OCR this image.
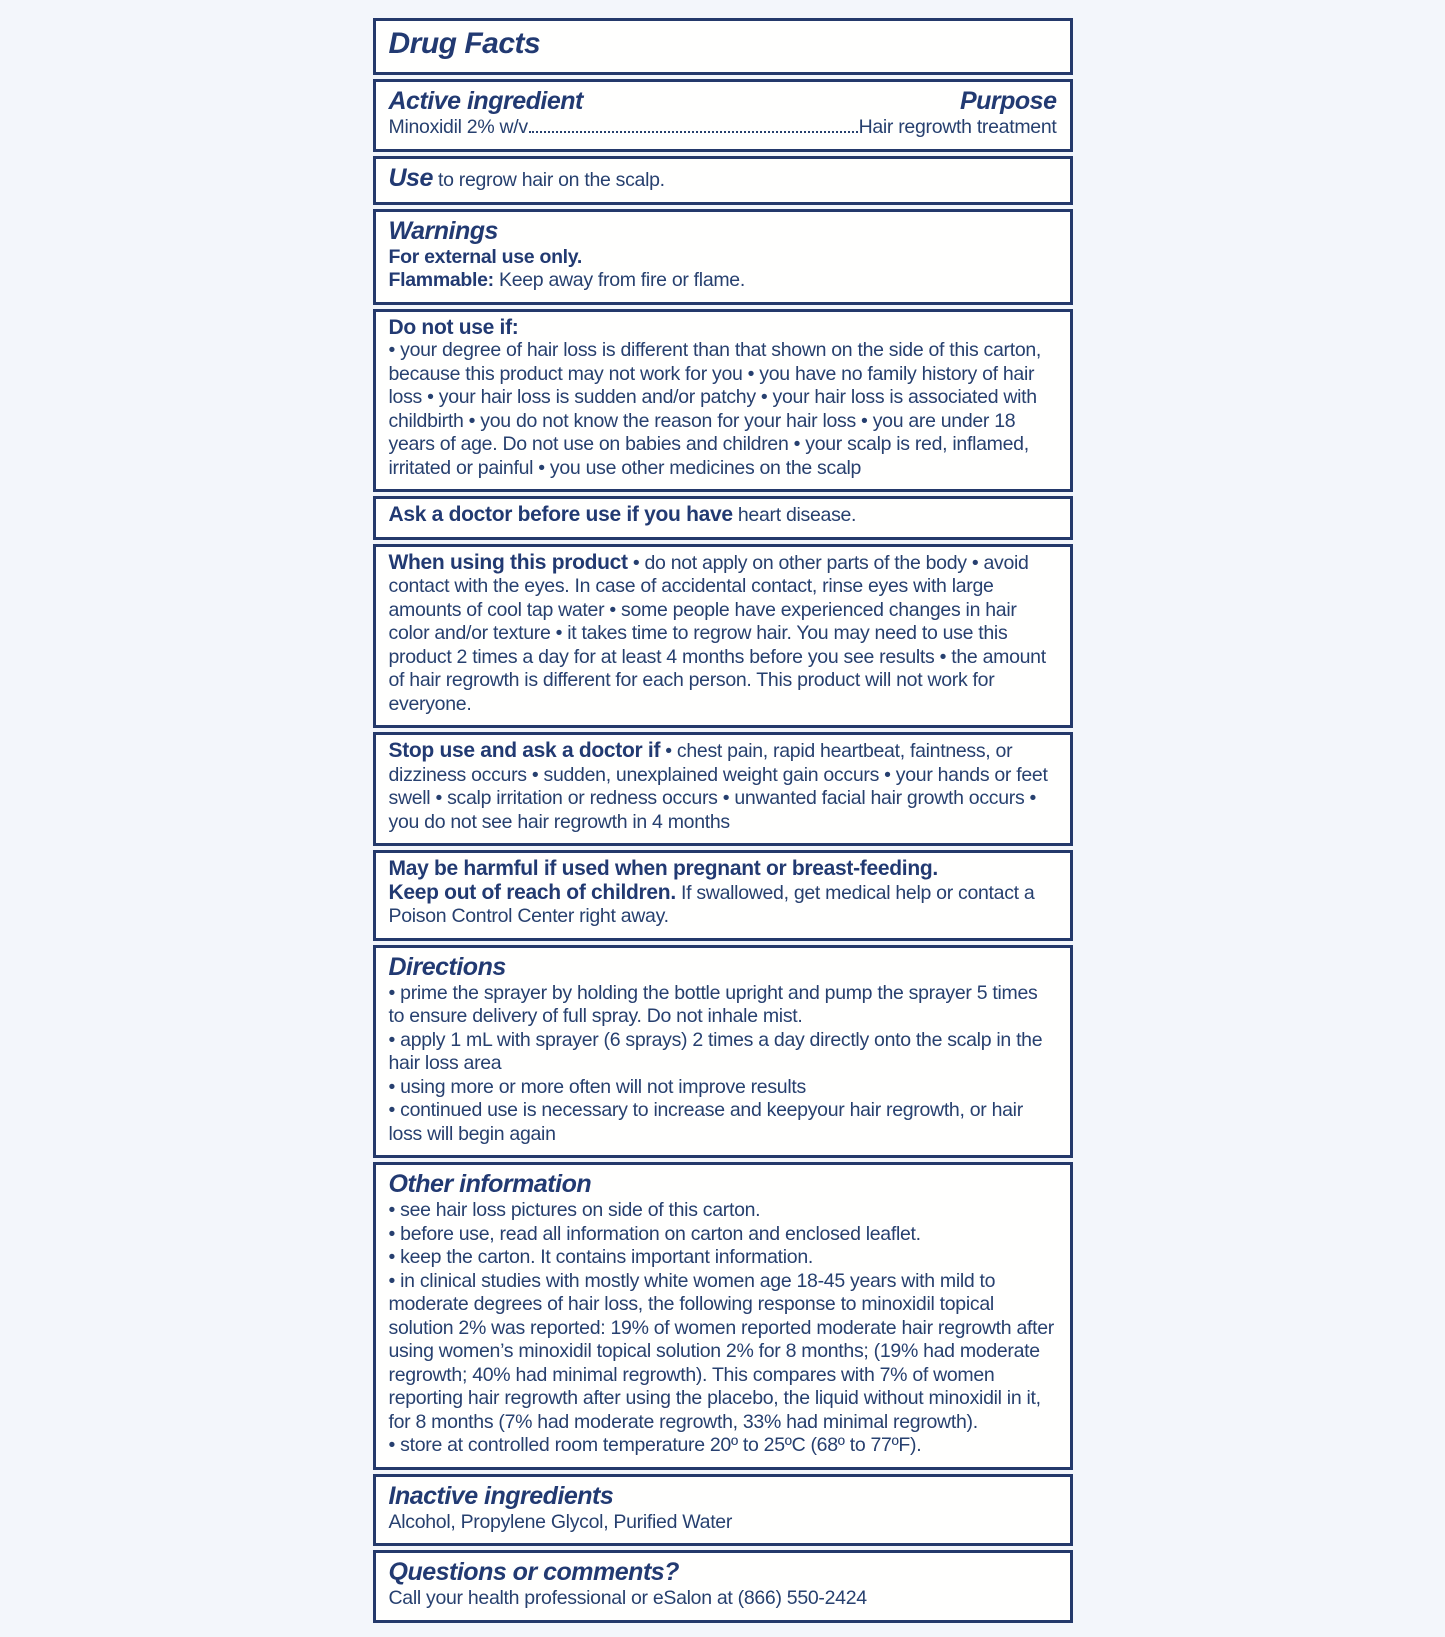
Drug Facts
Active ingredient	Purpose
Minoxidil 2% w/v	Hair regrowth treatment

Use to regrow hair on the scalp.

Warnings

For external use only.

Flammable: Keep away from fire or flame.

Do not use if:

• your degree of hair loss is different than that shown on the side of this carton, because this product may not work for you • you have no family history of hair loss • your hair loss is sudden and/or patchy • your hair loss is associated with childbirth • you do not know the reason for your hair loss • you are under 18 years of age. Do not use on babies and children • your scalp is red, inflamed, irritated or painful • you use other medicines on the scalp

Ask a doctor before use if you have heart disease.

When using this product • do not apply on other parts of the body • avoid contact with the eyes. In case of accidental contact, rinse eyes with large amounts of cool tap water • some people have experienced changes in hair color and/or texture • it takes time to regrow hair. You may need to use this product 2 times a day for at least 4 months before you see results • the amount of hair regrowth is different for each person. This product will not work for everyone.

Stop use and ask a doctor if • chest pain, rapid heartbeat, faintness, or dizziness occurs • sudden, unexplained weight gain occurs • your hands or feet swell • scalp irritation or redness occurs • unwanted facial hair growth occurs • you do not see hair regrowth in 4 months

May be harmful if used when pregnant or breast-feeding.

Keep out of reach of children. If swallowed, get medical help or contact a Poison Control Center right away.

Directions

• prime the sprayer by holding the bottle upright and pump the sprayer 5 times to ensure delivery of full spray. Do not inhale mist.

• apply 1 mL with sprayer (6 sprays) 2 times a day directly onto the scalp in the hair loss area

• using more or more often will not improve results

• continued use is necessary to increase and keepyour hair regrowth, or hair loss will begin again

Other information

• see hair loss pictures on side of this carton.

• before use, read all information on carton and enclosed leaflet.

• keep the carton. It contains important information.

• in clinical studies with mostly white women age 18-45 years with mild to moderate degrees of hair loss, the following response to minoxidil topical solution 2% was reported: 19% of women reported moderate hair regrowth after using women’s minoxidil topical solution 2% for 8 months; (19% had moderate regrowth; 40% had minimal regrowth). This compares with 7% of women reporting hair regrowth after using the placebo, the liquid without minoxidil in it, for 8 months (7% had moderate regrowth, 33% had minimal regrowth).

• store at controlled room temperature 20º to 25ºC (68º to 77ºF).

Inactive ingredients

Alcohol, Propylene Glycol, Purified Water

Questions or comments?

Call your health professional or eSalon at (866) 550-2424
